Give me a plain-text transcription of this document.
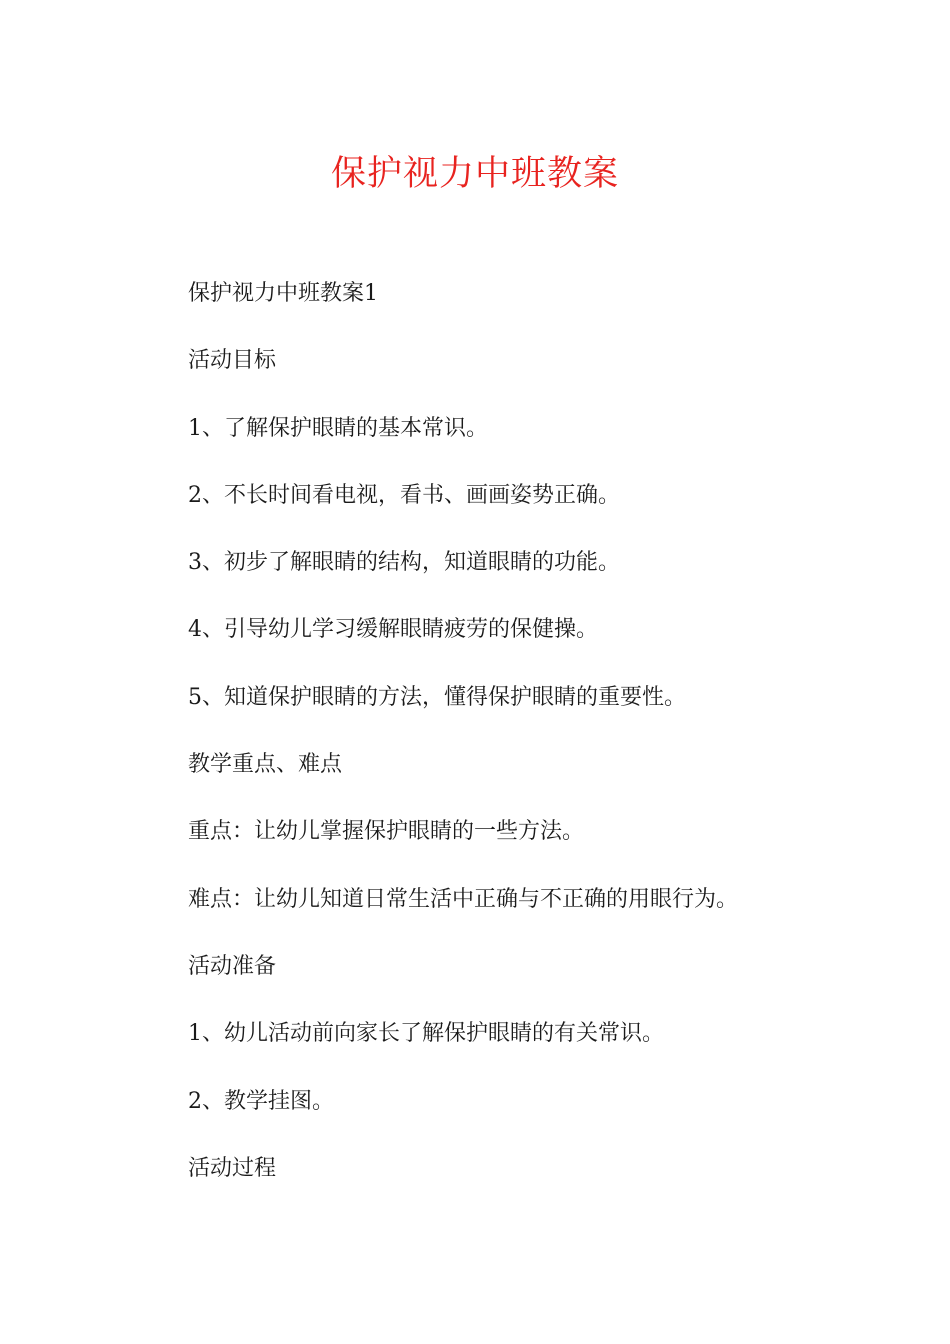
保护视力中班教案
保护视力中班教案1
活动目标
1、了解保护眼睛的基本常识。
2、不长时间看电视，看书、画画姿势正确。
3、初步了解眼睛的结构，知道眼睛的功能。
4、引导幼儿学习缓解眼睛疲劳的保健操。
5、知道保护眼睛的方法，懂得保护眼睛的重要性。
教学重点、难点
重点：让幼儿掌握保护眼睛的一些方法。
难点：让幼儿知道日常生活中正确与不正确的用眼行为。
活动准备
1、幼儿活动前向家长了解保护眼睛的有关常识。
2、教学挂图。
活动过程
